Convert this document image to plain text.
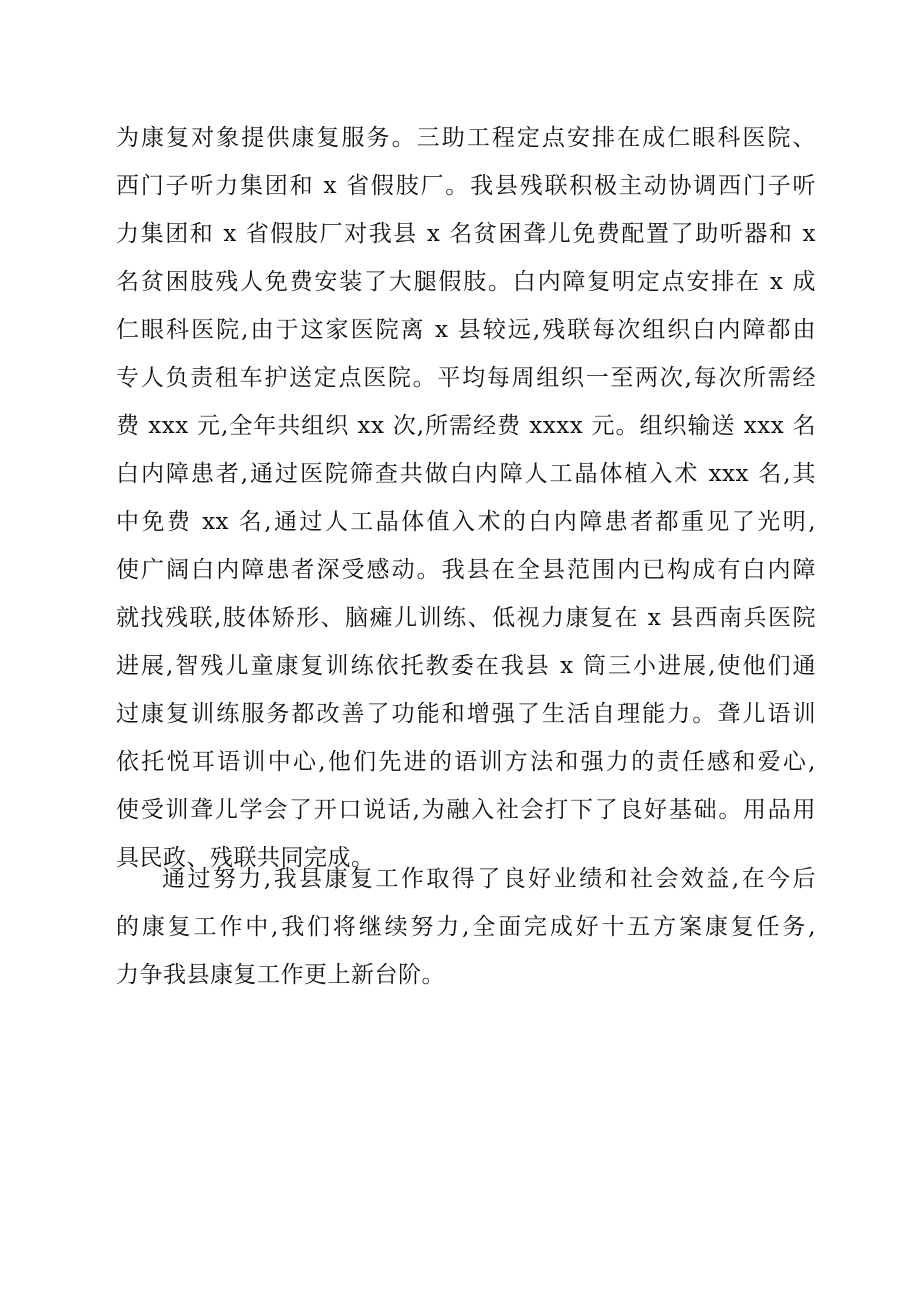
为康复对象提供康复服务。三助工程定点安排在成仁眼科医院、
西门子听力集团和 x 省假肢厂。我县残联积极主动协调西门子听
力集团和 x 省假肢厂对我县 x 名贫困聋儿免费配置了助听器和 x
名贫困肢残人免费安装了大腿假肢。白内障复明定点安排在 x 成
仁眼科医院,由于这家医院离 x 县较远,残联每次组织白内障都由
专人负责租车护送定点医院。平均每周组织一至两次,每次所需经
费 xxx 元,全年共组织 xx 次,所需经费 xxxx 元。组织输送 xxx 名
白内障患者,通过医院筛查共做白内障人工晶体植入术 xxx 名,其
中免费 xx 名,通过人工晶体值入术的白内障患者都重见了光明,
使广阔白内障患者深受感动。我县在全县范围内已构成有白内障
就找残联,肢体矫形、脑瘫儿训练、低视力康复在 x 县西南兵医院
进展,智残儿童康复训练依托教委在我县 x 筒三小进展,使他们通
过康复训练服务都改善了功能和增强了生活自理能力。聋儿语训
依托悦耳语训中心,他们先进的语训方法和强力的责任感和爱心,
使受训聋儿学会了开口说话,为融入社会打下了良好基础。用品用
具民政、残联共同完成。
通过努力,我县康复工作取得了良好业绩和社会效益,在今后
的康复工作中,我们将继续努力,全面完成好十五方案康复任务,
力争我县康复工作更上新台阶。
